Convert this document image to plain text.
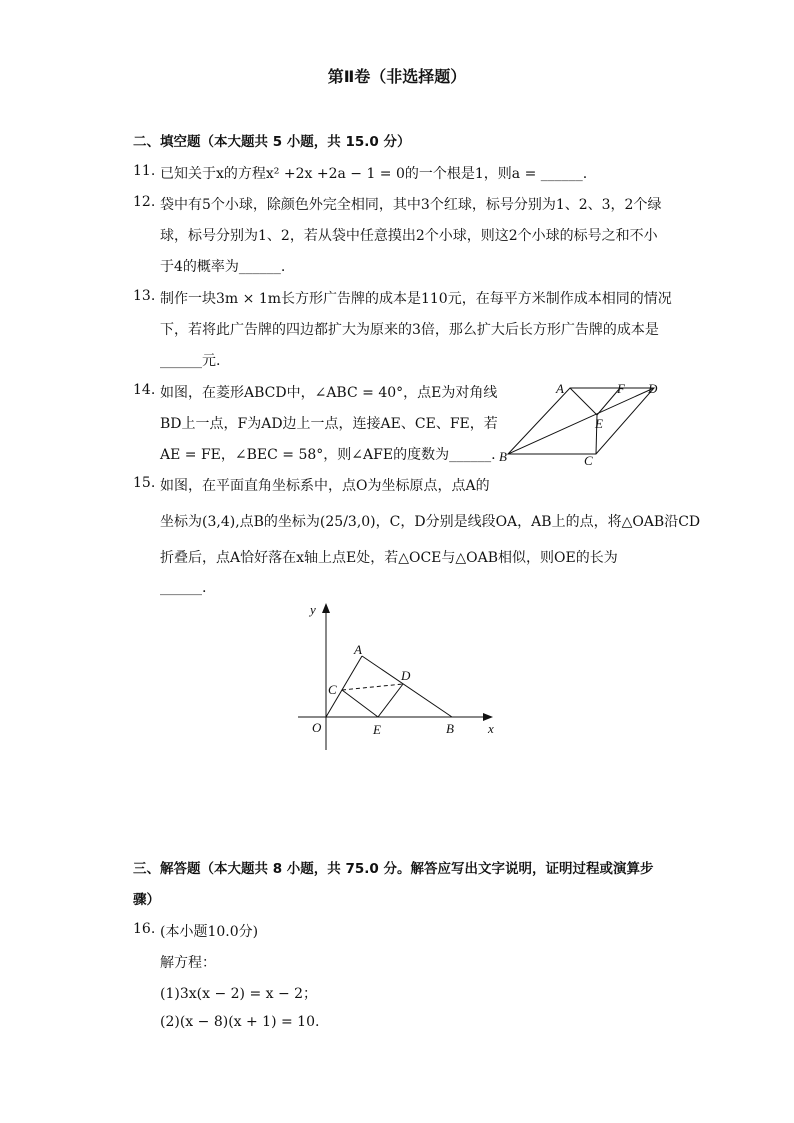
第Ⅱ卷（非选择题）
二、填空题（本大题共 5 小题，共 15.0 分）
11. 已知关于x的方程x² +2x +2a − 1 = 0的一个根是1，则a = ______.
12. 袋中有5个小球，除颜色外完全相同，其中3个红球，标号分别为1、2、3，2个绿
球，标号分别为1、2，若从袋中任意摸出2个小球，则这2个小球的标号之和不小
于4的概率为______.
13. 制作一块3m × 1m长方形广告牌的成本是110元，在每平方米制作成本相同的情况
下，若将此广告牌的四边都扩大为原来的3倍，那么扩大后长方形广告牌的成本是
______元.
14. 如图，在菱形ABCD中，∠ABC = 40°，点E为对角线
BD上一点，F为AD边上一点，连接AE、CE、FE，若
AE = FE，∠BEC = 58°，则∠AFE的度数为______.
A	F D
E
B	C
15. 如图，在平面直角坐标系中，点O为坐标原点，点A的
坐标为(3,4),点B的坐标为(25/3,0)，C，D分别是线段OA，AB上的点，将△OAB沿CD
折叠后，点A恰好落在x轴上点E处，若△OCE与△OAB相似，则OE的长为
______.
y
x
A
C
D
O	E	B
三、解答题（本大题共 8 小题，共 75.0 分。解答应写出文字说明，证明过程或演算步
骤）
16. (本小题10.0分)
解方程：
(1)3x(x − 2) = x − 2；
(2)(x − 8)(x + 1) = 10.
